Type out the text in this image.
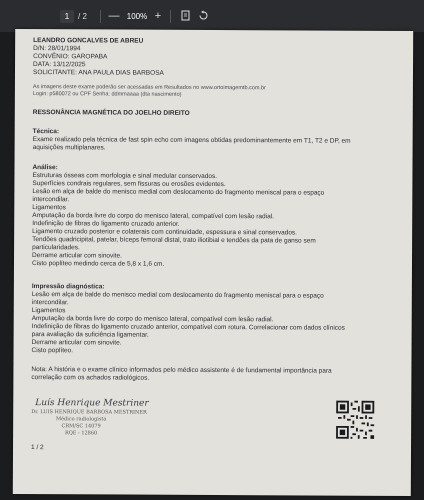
1	/ 2 — 100% +
LEANDRO GONCALVES DE ABREU
D/N: 28/01/1994
CONVÊNIO: GAROPABA
DATA: 13/12/2025
SOLICITANTE: ANA PAULA DIAS BARBOSA
As imagens deste exame poderão ser acessadas em Resultados no www.ortoimagemtb.com.br
Login: p580072 ou CPF Senha: ddmmaaaa (dta nascimento)
RESSONÂNCIA MAGNÉTICA DO JOELHO DIREITO
Técnica:
Exame realizado pela técnica de fast spin echo com imagens obtidas predominantemente em T1, T2 e DP, em
aquisições multiplanares.
Análise:
Estruturas ósseas com morfologia e sinal medular conservados.
Superfícies condrais regulares, sem fissuras ou erosões evidentes.
Lesão em alça de balde do menisco medial com deslocamento do fragmento meniscal para o espaço
intercondilar.
Ligamentos
Amputação da borda livre do corpo do menisco lateral, compatível com lesão radial.
Indefinição de fibras do ligamento cruzado anterior.
Ligamento cruzado posterior e colaterais com continuidade, espessura e sinal conservados.
Tendões quadricipital, patelar, bíceps femoral distal, trato iliotibial e tendões da pata de ganso sem
particularidades.
Derrame articular com sinovite.
Cisto poplíteo medindo cerca de 5,8 x 1,6 cm.
Impressão diagnóstica:
Lesão em alça de balde do menisco medial com deslocamento do fragmento meniscal para o espaço
intercondilar.
Ligamentos
Amputação da borda livre do corpo do menisco lateral, compatível com lesão radial.
Indefinição de fibras do ligamento cruzado anterior, compatível com rotura. Correlacionar com dados clínicos
para avaliação da suficiência ligamentar.
Derrame articular com sinovite.
Cisto poplíteo.
Nota: A história e o exame clínico informados pelo médico assistente é de fundamental importância para
correlação com os achados radiológicos.
Luís Henrique Mestriner
Dr. LUIS HENRIQUE BARBOSA MESTRINER
Médico radiologista
CRM/SC 14079
RQE - 12860
1 / 2
